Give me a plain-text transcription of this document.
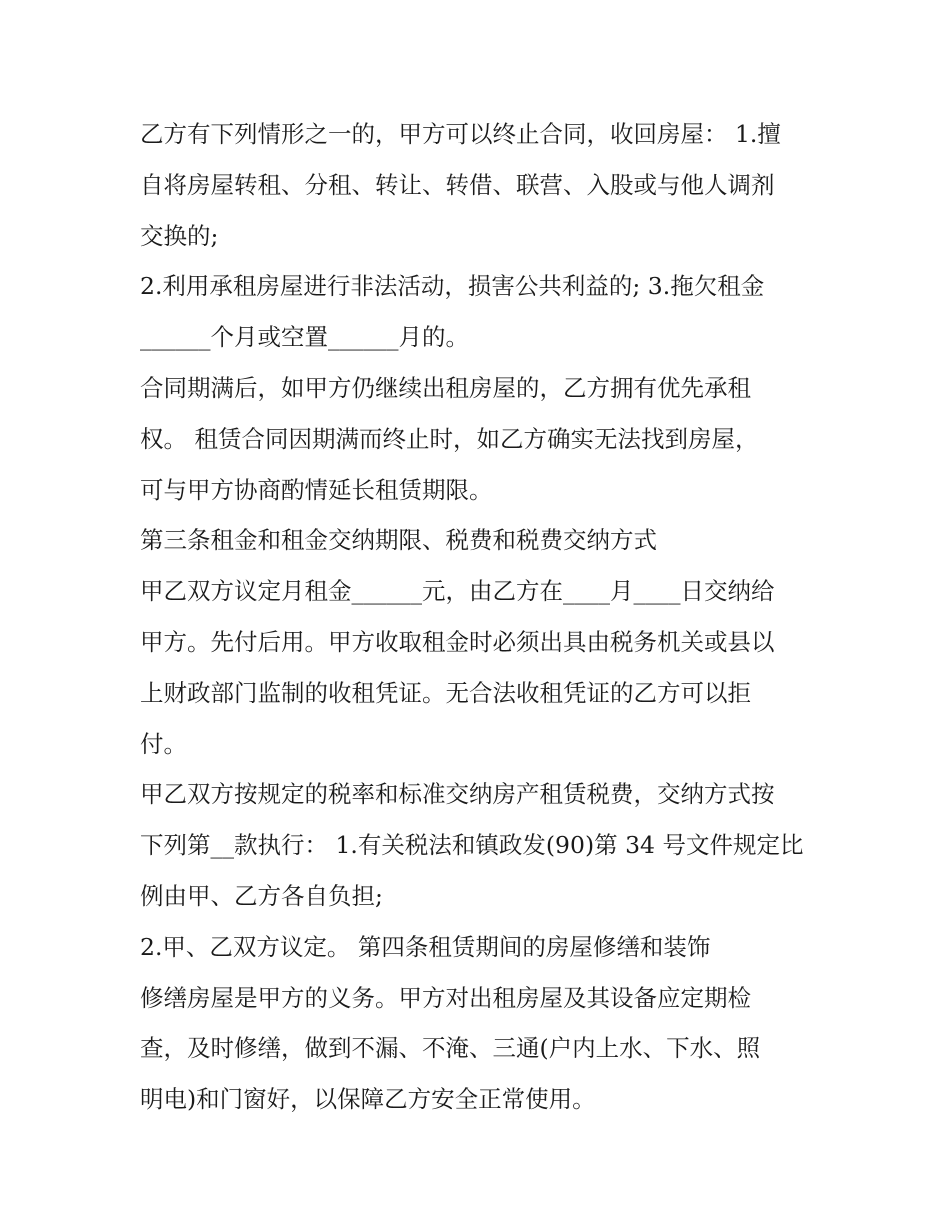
乙方有下列情形之一的，甲方可以终止合同，收回房屋： 1.擅
自将房屋转租、分租、转让、转借、联营、入股或与他人调剂
交换的;
2.利用承租房屋进行非法活动，损害公共利益的; 3.拖欠租金
______个月或空置______月的。
合同期满后，如甲方仍继续出租房屋的，乙方拥有优先承租
权。 租赁合同因期满而终止时，如乙方确实无法找到房屋，
可与甲方协商酌情延长租赁期限。
第三条租金和租金交纳期限、税费和税费交纳方式
甲乙双方议定月租金______元，由乙方在____月____日交纳给
甲方。先付后用。甲方收取租金时必须出具由税务机关或县以
上财政部门监制的收租凭证。无合法收租凭证的乙方可以拒
付。
甲乙双方按规定的税率和标准交纳房产租赁税费，交纳方式按
下列第__款执行： 1.有关税法和镇政发(90)第 34 号文件规定比
例由甲、乙方各自负担;
2.甲、乙双方议定。 第四条租赁期间的房屋修缮和装饰
修缮房屋是甲方的义务。甲方对出租房屋及其设备应定期检
查，及时修缮，做到不漏、不淹、三通(户内上水、下水、照
明电)和门窗好，以保障乙方安全正常使用。
